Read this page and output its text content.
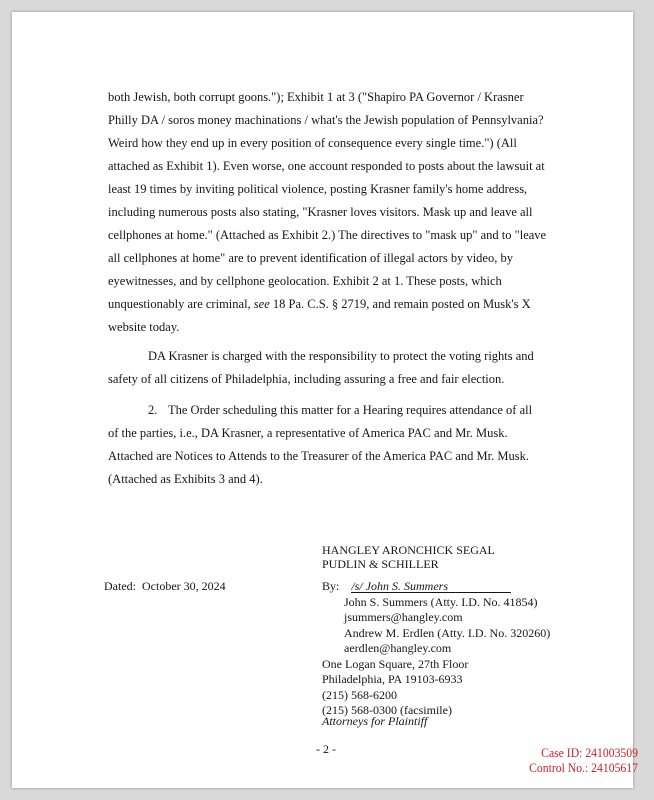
both Jewish, both corrupt goons."); Exhibit 1 at 3 ("Shapiro PA Governor / Krasner
Philly DA / soros money machinations / what's the Jewish population of Pennsylvania?
Weird how they end up in every position of consequence every single time.") (All
attached as Exhibit 1). Even worse, one account responded to posts about the lawsuit at
least 19 times by inviting political violence, posting Krasner family's home address,
including numerous posts also stating, "Krasner loves visitors. Mask up and leave all
cellphones at home." (Attached as Exhibit 2.) The directives to "mask up" and to "leave
all cellphones at home" are to prevent identification of illegal actors by video, by
eyewitnesses, and by cellphone geolocation. Exhibit 2 at 1. These posts, which
unquestionably are criminal, see 18 Pa. C.S. § 2719, and remain posted on Musk's X
website today.
DA Krasner is charged with the responsibility to protect the voting rights and
safety of all citizens of Philadelphia, including assuring a free and fair election.
2. The Order scheduling this matter for a Hearing requires attendance of all
of the parties, i.e., DA Krasner, a representative of America PAC and Mr. Musk.
Attached are Notices to Attends to the Treasurer of the America PAC and Mr. Musk.
(Attached as Exhibits 3 and 4).
HANGLEY ARONCHICK SEGAL
PUDLIN & SCHILLER
Dated: October 30, 2024	By: /s/ John S. Summers
John S. Summers (Atty. I.D. No. 41854)
jsummers@hangley.com
Andrew M. Erdlen (Atty. I.D. No. 320260)
aerdlen@hangley.com
One Logan Square, 27th Floor
Philadelphia, PA 19103-6933
(215) 568-6200
(215) 568-0300 (facsimile)
Attorneys for Plaintiff
- 2 -	Case ID: 241003509
Control No.: 24105617
